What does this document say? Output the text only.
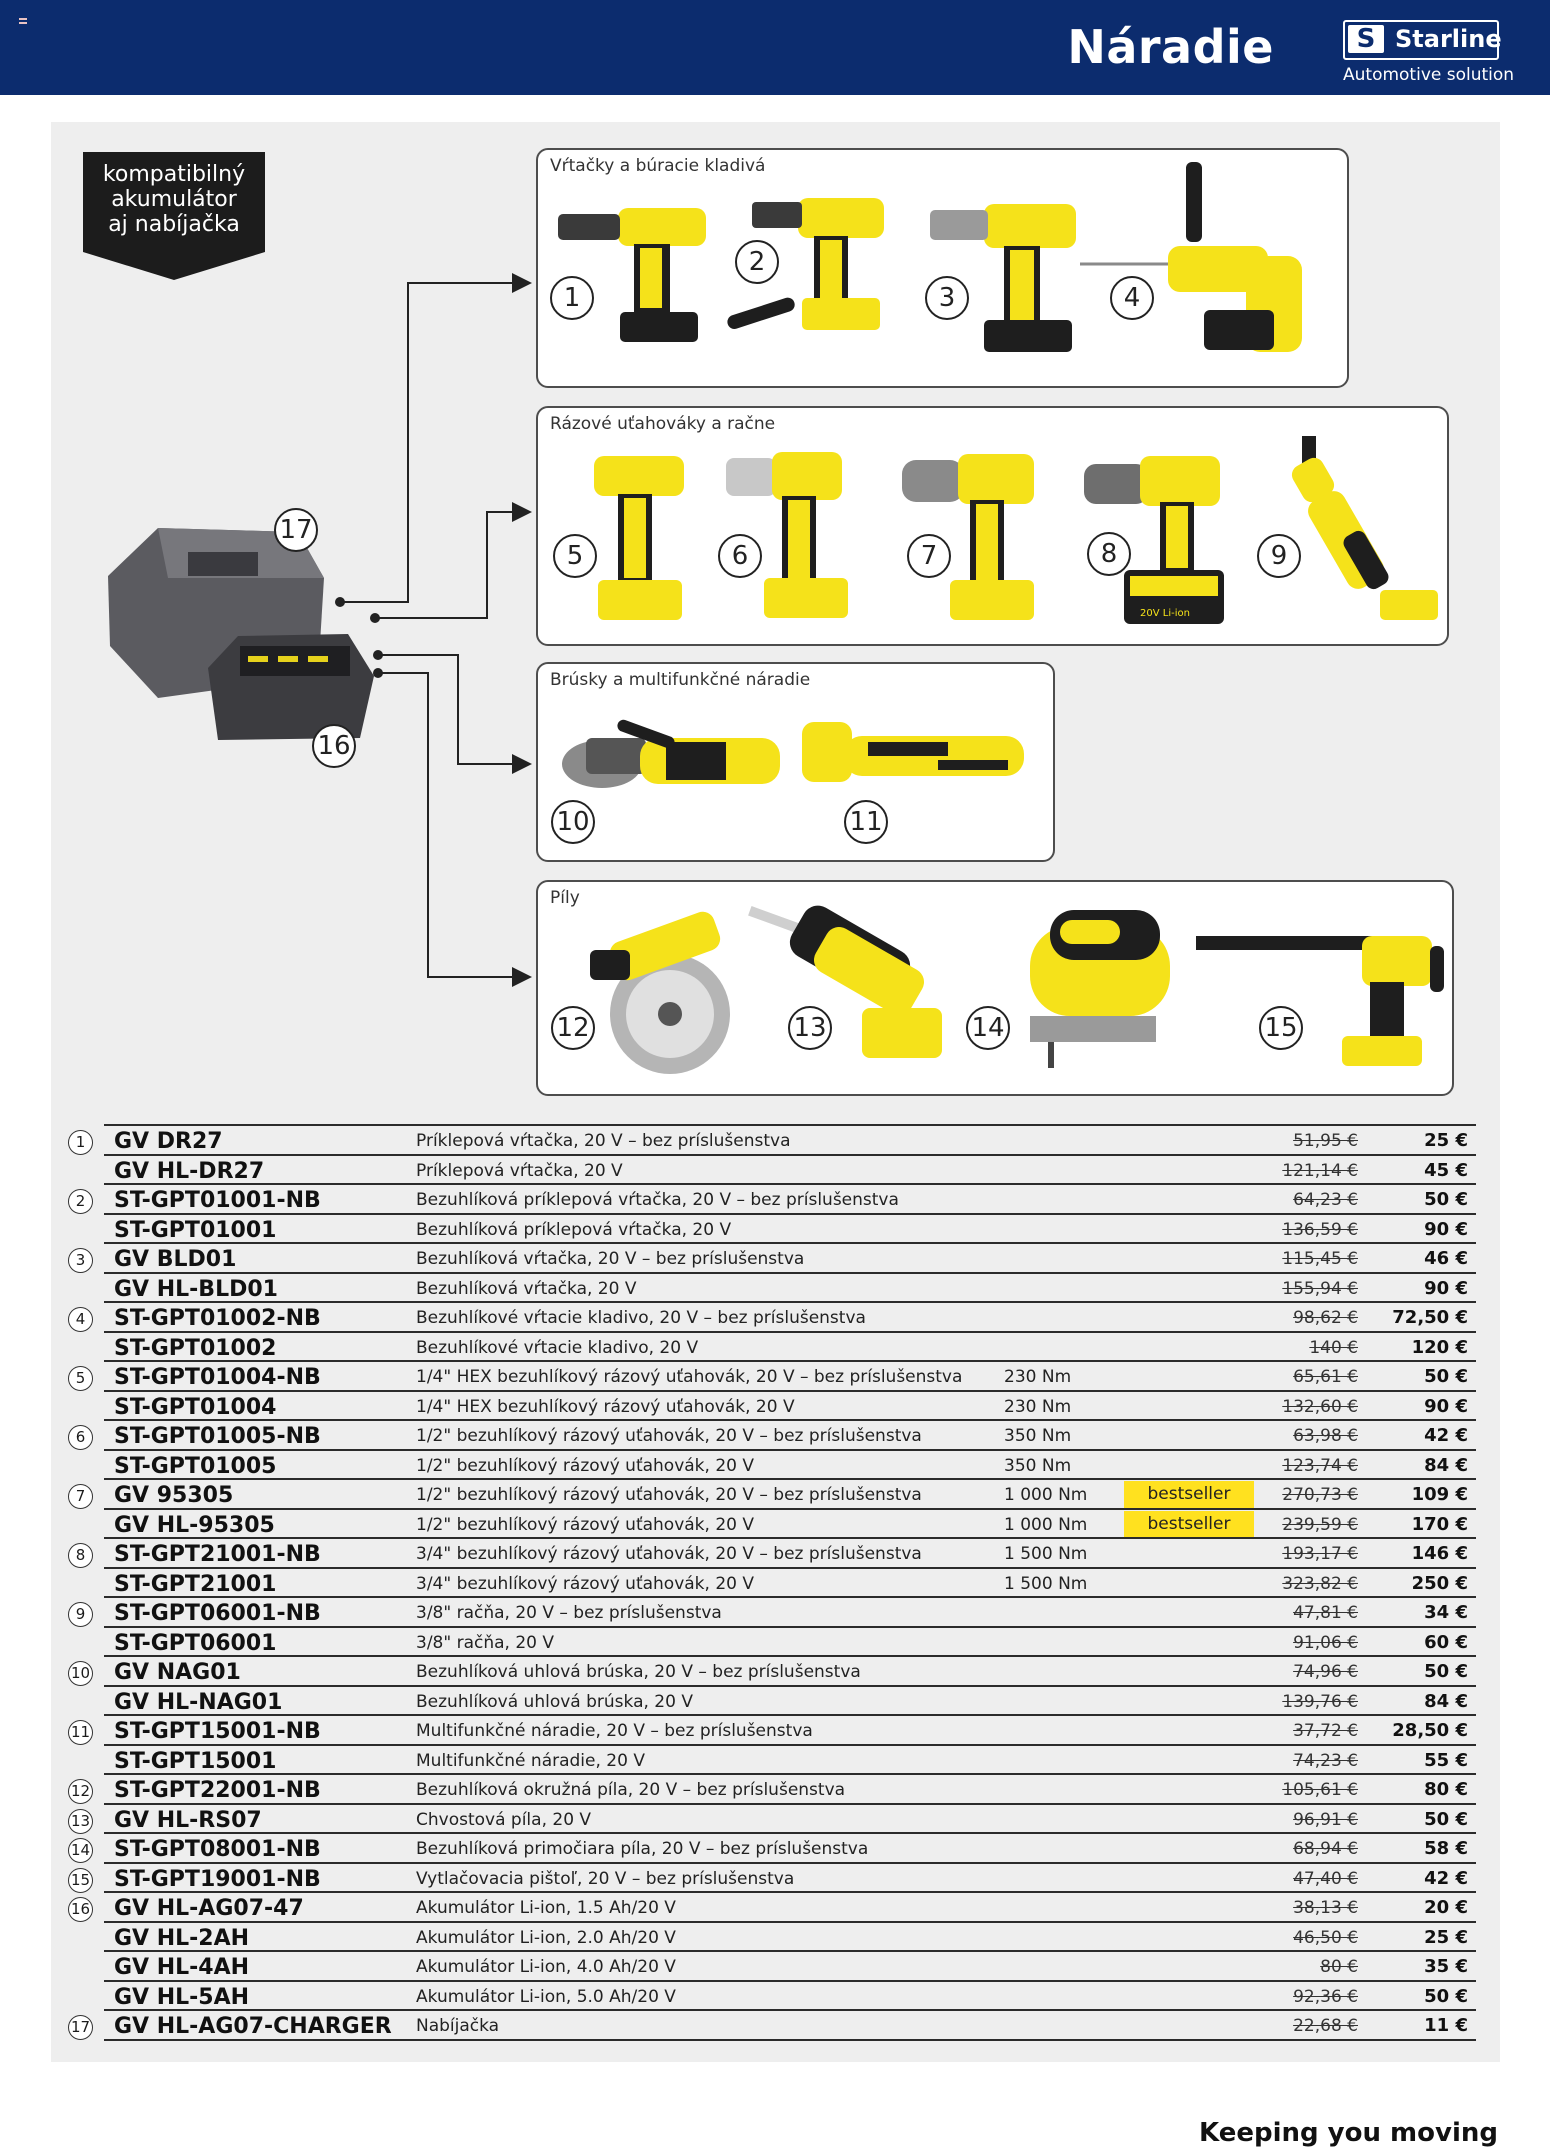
Náradie	S Starline
Automotive solution
kompatibilný
akumulátor
aj nabíjačka
17
16
Vŕtačky a búracie kladivá
1
2
3	4
Rázové uťahováky a račne
20V Li-ion
5	6	7	8	9
Brúsky a multifunkčné náradie
10	11
Píly
12	13	14	15
1	GV DR27	Príklepová vŕtačka, 20 V – bez príslušenstva	51,95 €	25 €
GV HL-DR27	Príklepová vŕtačka, 20 V	121,14 €	45 €
2	ST-GPT01001-NB	Bezuhlíková príklepová vŕtačka, 20 V – bez príslušenstva	64,23 €	50 €
ST-GPT01001	Bezuhlíková príklepová vŕtačka, 20 V	136,59 €	90 €
3	GV BLD01	Bezuhlíková vŕtačka, 20 V – bez príslušenstva	115,45 €	46 €
GV HL-BLD01	Bezuhlíková vŕtačka, 20 V	155,94 €	90 €
4	ST-GPT01002-NB	Bezuhlíkové vŕtacie kladivo, 20 V – bez príslušenstva	98,62 € 72,50 €
ST-GPT01002	Bezuhlíkové vŕtacie kladivo, 20 V	140 €	120 €
5	ST-GPT01004-NB	1/4" HEX bezuhlíkový rázový uťahovák, 20 V – bez príslušenstva 230 Nm	65,61 €	50 €
ST-GPT01004	1/4" HEX bezuhlíkový rázový uťahovák, 20 V	230 Nm	132,60 €	90 €
6	ST-GPT01005-NB	1/2" bezuhlíkový rázový uťahovák, 20 V – bez príslušenstva	350 Nm	63,98 €	42 €
ST-GPT01005	1/2" bezuhlíkový rázový uťahovák, 20 V	350 Nm	123,74 €	84 €
7	GV 95305	1/2" bezuhlíkový rázový uťahovák, 20 V – bez príslušenstva	1 000 Nm	bestseller	270,73 €	109 €
GV HL-95305	1/2" bezuhlíkový rázový uťahovák, 20 V	1 000 Nm	bestseller	239,59 €	170 €
8	ST-GPT21001-NB	3/4" bezuhlíkový rázový uťahovák, 20 V – bez príslušenstva	1 500 Nm	193,17 €	146 €
ST-GPT21001	3/4" bezuhlíkový rázový uťahovák, 20 V	1 500 Nm	323,82 €	250 €
9	ST-GPT06001-NB	3/8" račňa, 20 V – bez príslušenstva	47,81 €	34 €
ST-GPT06001	3/8" račňa, 20 V	91,06 €	60 €
10 GV NAG01	Bezuhlíková uhlová brúska, 20 V – bez príslušenstva	74,96 €	50 €
GV HL-NAG01	Bezuhlíková uhlová brúska, 20 V	139,76 €	84 €
11 ST-GPT15001-NB	Multifunkčné náradie, 20 V – bez príslušenstva	37,72 € 28,50 €
ST-GPT15001	Multifunkčné náradie, 20 V	74,23 €	55 €
12 ST-GPT22001-NB	Bezuhlíková okružná píla, 20 V – bez príslušenstva	105,61 €	80 €
13 GV HL-RS07	Chvostová píla, 20 V	96,91 €	50 €
14 ST-GPT08001-NB	Bezuhlíková primočiara píla, 20 V – bez príslušenstva	68,94 €	58 €
15 ST-GPT19001-NB	Vytlačovacia pištoľ, 20 V – bez príslušenstva	47,40 €	42 €
16 GV HL-AG07-47	Akumulátor Li-ion, 1.5 Ah/20 V	38,13 €	20 €
GV HL-2AH	Akumulátor Li-ion, 2.0 Ah/20 V	46,50 €	25 €
GV HL-4AH	Akumulátor Li-ion, 4.0 Ah/20 V	80 €	35 €
GV HL-5AH	Akumulátor Li-ion, 5.0 Ah/20 V	92,36 €	50 €
17 GV HL-AG07-CHARGER Nabíjačka	22,68 €	11 €
Keeping you moving
